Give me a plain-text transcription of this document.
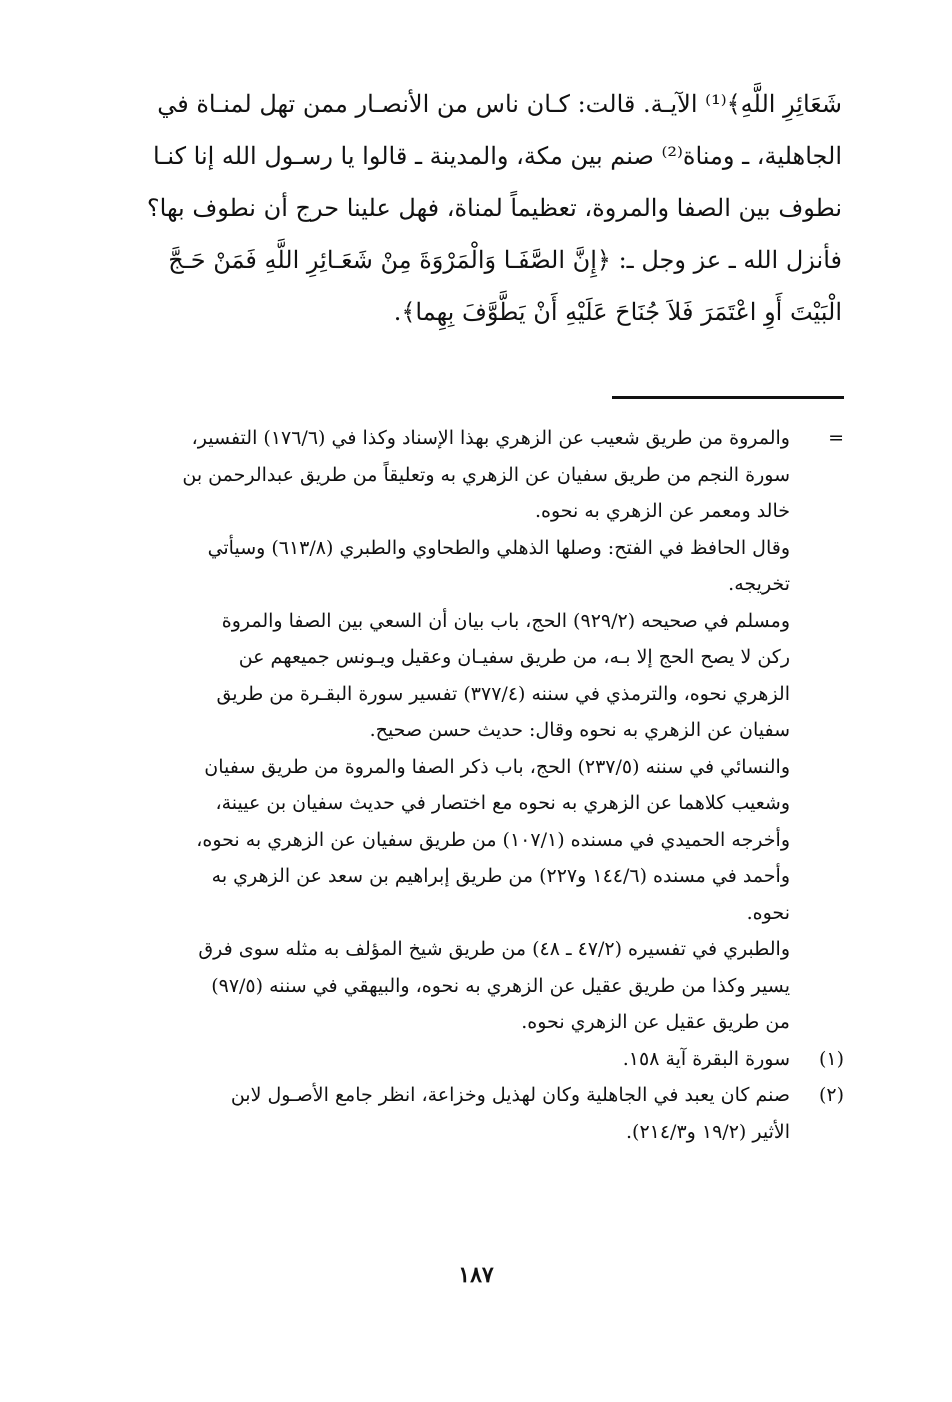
شَعَائِرِ اللَّهِ﴾⁽¹⁾ الآيـة. قالت: كـان ناس من الأنصـار ممن تهل لمنـاة في
الجاهلية، ـ ومناة⁽²⁾ صنم بين مكة، والمدينة ـ قالوا يا رسـول الله إنا كنـا
نطوف بين الصفا والمروة، تعظيماً لمناة، فهل علينا حرج أن نطوف بها؟
فأنزل الله ـ عز وجل ـ: ﴿إِنَّ الصَّفَـا وَالْمَرْوَةَ مِنْ شَعَـائِرِ اللَّهِ فَمَنْ حَـجَّ
الْبَيْتَ أَوِ اعْتَمَرَ فَلاَ جُنَاحَ عَلَيْهِ أَنْ يَطَّوَّفَ بِهِما﴾.
=
والمروة من طريق شعيب عن الزهري بهذا الإسناد وكذا في (١٧٦/٦) التفسير،
سورة النجم من طريق سفيان عن الزهري به وتعليقاً من طريق عبدالرحمن بن
خالد ومعمر عن الزهري به نحوه.
وقال الحافظ في الفتح: وصلها الذهلي والطحاوي والطبري (٦١٣/٨) وسيأتي
تخريجه.
ومسلم في صحيحه (٩٢٩/٢) الحج، باب بيان أن السعي بين الصفا والمروة
ركن لا يصح الحج إلا بـه، من طريق سفيـان وعقيل ويـونس جميعهم عن
الزهري نحوه، والترمذي في سننه (٣٧٧/٤) تفسير سورة البقـرة من طريق
سفيان عن الزهري به نحوه وقال: حديث حسن صحيح.
والنسائي في سننه (٢٣٧/٥) الحج، باب ذكر الصفا والمروة من طريق سفيان
وشعيب كلاهما عن الزهري به نحوه مع اختصار في حديث سفيان بن عيينة،
وأخرجه الحميدي في مسنده (١٠٧/١) من طريق سفيان عن الزهري به نحوه،
وأحمد في مسنده (١٤٤/٦ و٢٢٧) من طريق إبراهيم بن سعد عن الزهري به
نحوه.
والطبري في تفسيره (٤٧/٢ ـ ٤٨) من طريق شيخ المؤلف به مثله سوى فرق
يسير وكذا من طريق عقيل عن الزهري به نحوه، والبيهقي في سننه (٩٧/٥)
من طريق عقيل عن الزهري نحوه.
(١)
سورة البقرة آية ١٥٨.
(٢)
صنم كان يعبد في الجاهلية وكان لهذيل وخزاعة، انظر جامع الأصـول لابن
الأثير (١٩/٢ و٢١٤/٣).
١٨٧
